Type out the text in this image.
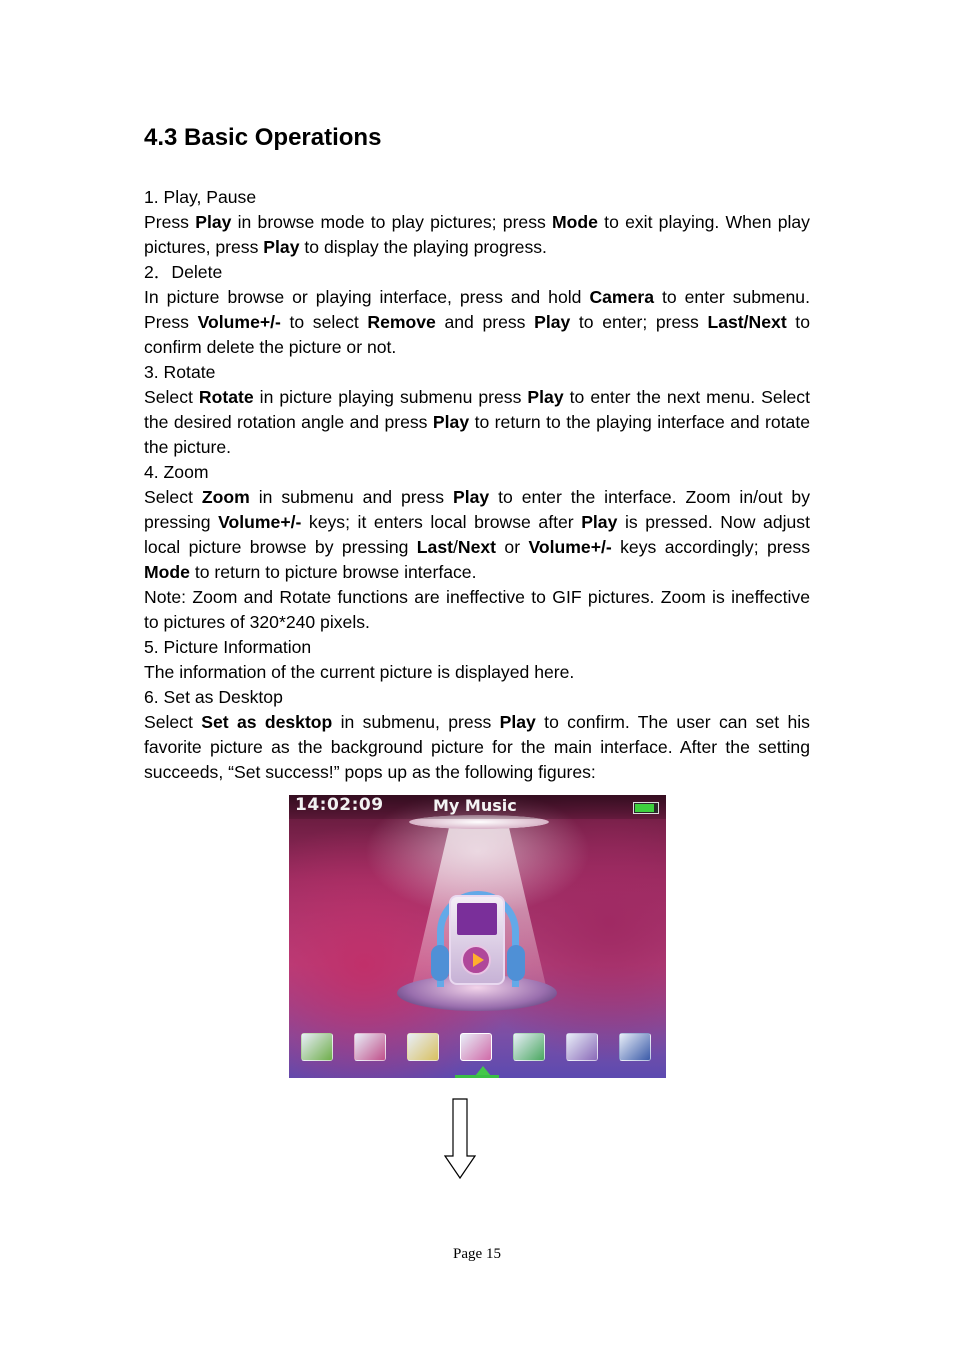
4.3 Basic Operations

1. Play, Pause

Press Play in browse mode to play pictures; press Mode to exit playing. When play pictures, press Play to display the playing progress.

2．Delete

In picture browse or playing interface, press and hold Camera to enter submenu. Press Volume+/- to select Remove and press Play to enter; press Last/Next to confirm delete the picture or not.

3. Rotate

Select Rotate in picture playing submenu press Play to enter the next menu. Select the desired rotation angle and press Play to return to the playing interface and rotate the picture.

4. Zoom

Select Zoom in submenu and press Play to enter the interface. Zoom in/out by pressing Volume+/- keys; it enters local browse after Play is pressed. Now adjust local picture browse by pressing Last/Next or Volume+/- keys accordingly; press Mode to return to picture browse interface.

Note: Zoom and Rotate functions are ineffective to GIF pictures. Zoom is ineffective to pictures of 320*240 pixels.

5. Picture Information

The information of the current picture is displayed here.

6. Set as Desktop

Select Set as desktop in submenu, press Play to confirm. The user can set his favorite picture as the background picture for the main interface. After the setting succeeds, “Set success!” pops up as the following figures:

14:02:09	My Music
Page 15
